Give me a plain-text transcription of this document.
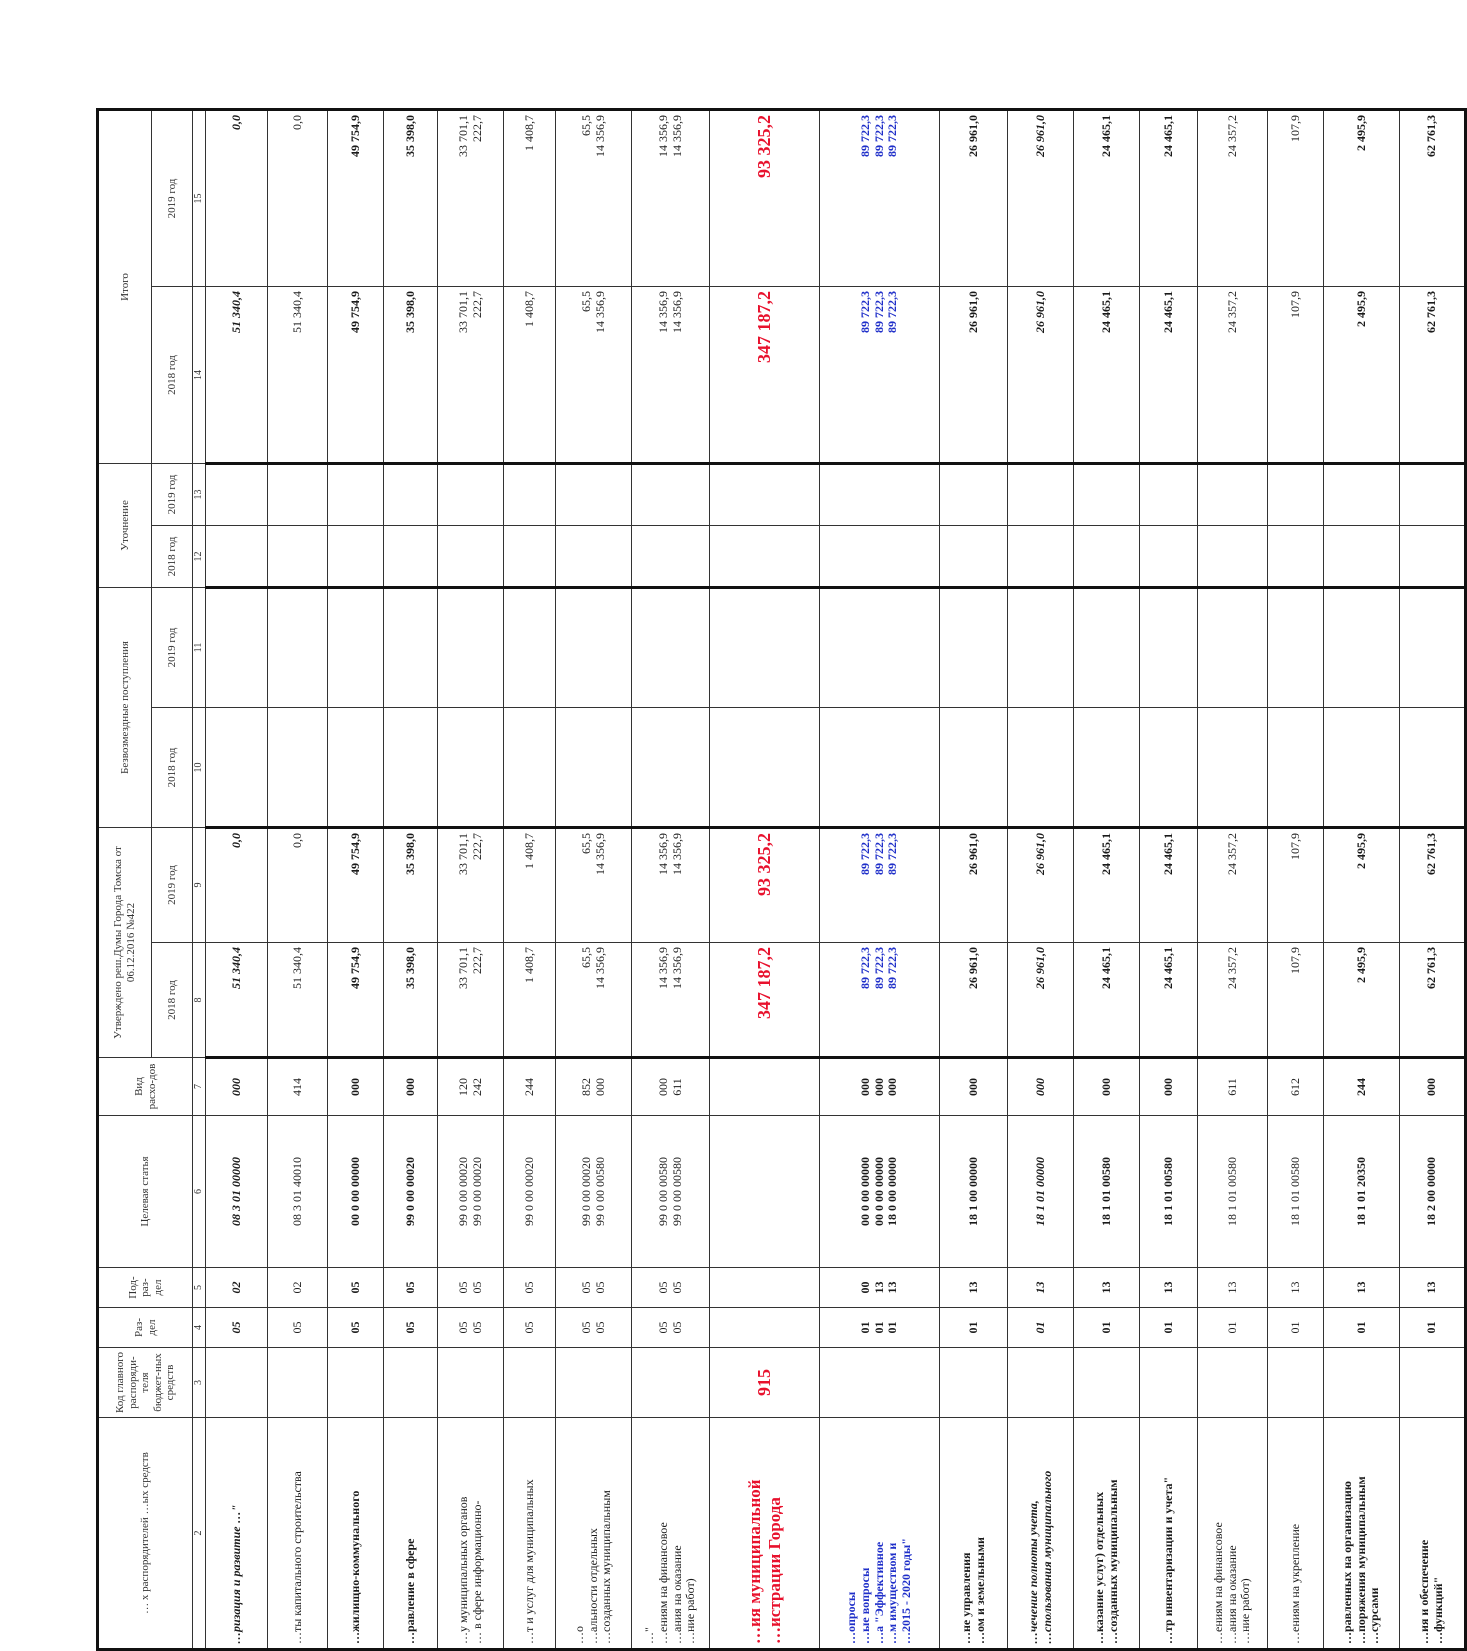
… х распорядителей …ых средств	Код главного распоряди-теля бюджет-ных средств	Раз-дел	Под-раз-дел	Целевая статья	Вид расхо-дов	Утверждено реш.Думы Города Томска от 06.12.2016 №422		Безвозмездные поступления		Уточнение		Итого	
						2018 год	2019 год	2018 год	2019 год	2018 год	2019 год	2018 год	2019 год
2	3	4	5	6	7	8	9	10	11	12	13	14	15

…ризация и развитие …"		05	02	08 3 01 00000	000	51 340,4	0,0					51 340,4	0,0

…ты капитального строительства		05	02	08 3 01 40010	414	51 340,4	0,0					51 340,4	0,0

…жилищно-коммунального		05	05	00 0 00 00000	000	49 754,9	49 754,9					49 754,9	49 754,9

…равление в сфере		05	05	99 0 00 00020	000	35 398,0	35 398,0					35 398,0	35 398,0

…у муниципальных органов … в сфере информационно-		05 05	05 05	99 0 00 00020 99 0 00 00020	120 242	33 701,1 222,7	33 701,1 222,7					33 701,1 222,7	33 701,1 222,7

…т и услуг для муниципальных		05	05	99 0 00 00020	244	1 408,7	1 408,7					1 408,7	1 408,7

…о …альности отдельных …созданных муниципальным		05 05	05 05	99 0 00 00020 99 0 00 00580	852 000	65,5 14 356,9	65,5 14 356,9					65,5 14 356,9	65,5 14 356,9

…" …ениям на финансовое …ания на оказание …ние работ)		05 05	05 05	99 0 00 00580 99 0 00 00580	000 611	14 356,9 14 356,9	14 356,9 14 356,9					14 356,9 14 356,9	14 356,9 14 356,9

…ия муниципальной …истрации Города	915					347 187,2	93 325,2					347 187,2	93 325,2

…опросы …ые вопросы …а "Эффективное …м имуществом и …2015 - 2020 годы"		01 01 01	00 13 13	00 0 00 00000 00 0 00 00000 18 0 00 00000	000 000 000	89 722,3 89 722,3 89 722,3	89 722,3 89 722,3 89 722,3					89 722,3 89 722,3 89 722,3	89 722,3 89 722,3 89 722,3

…не управления …ом и земельными		01	13	18 1 00 00000	000	26 961,0	26 961,0					26 961,0	26 961,0

…чечение полноты учета, …спользования муниципального		01	13	18 1 01 00000	000	26 961,0	26 961,0					26 961,0	26 961,0

…казание услуг) отдельных …созданных муниципальным		01	13	18 1 01 00580	000	24 465,1	24 465,1					24 465,1	24 465,1

…тр инвентаризации и учета"		01	13	18 1 01 00580	000	24 465,1	24 465,1					24 465,1	24 465,1

…ениям на финансовое …ания на оказание …ние работ)		01	13	18 1 01 00580	611	24 357,2	24 357,2					24 357,2	24 357,2

…ениям на укрепление		01	13	18 1 01 00580	612	107,9	107,9					107,9	107,9

…равленных на организацию …поряжения муниципальным …сурсами		01	13	18 1 01 20350	244	2 495,9	2 495,9					2 495,9	2 495,9

…ия и обеспечение …функций"		01	13	18 2 00 00000	000	62 761,3	62 761,3					62 761,3	62 761,3
